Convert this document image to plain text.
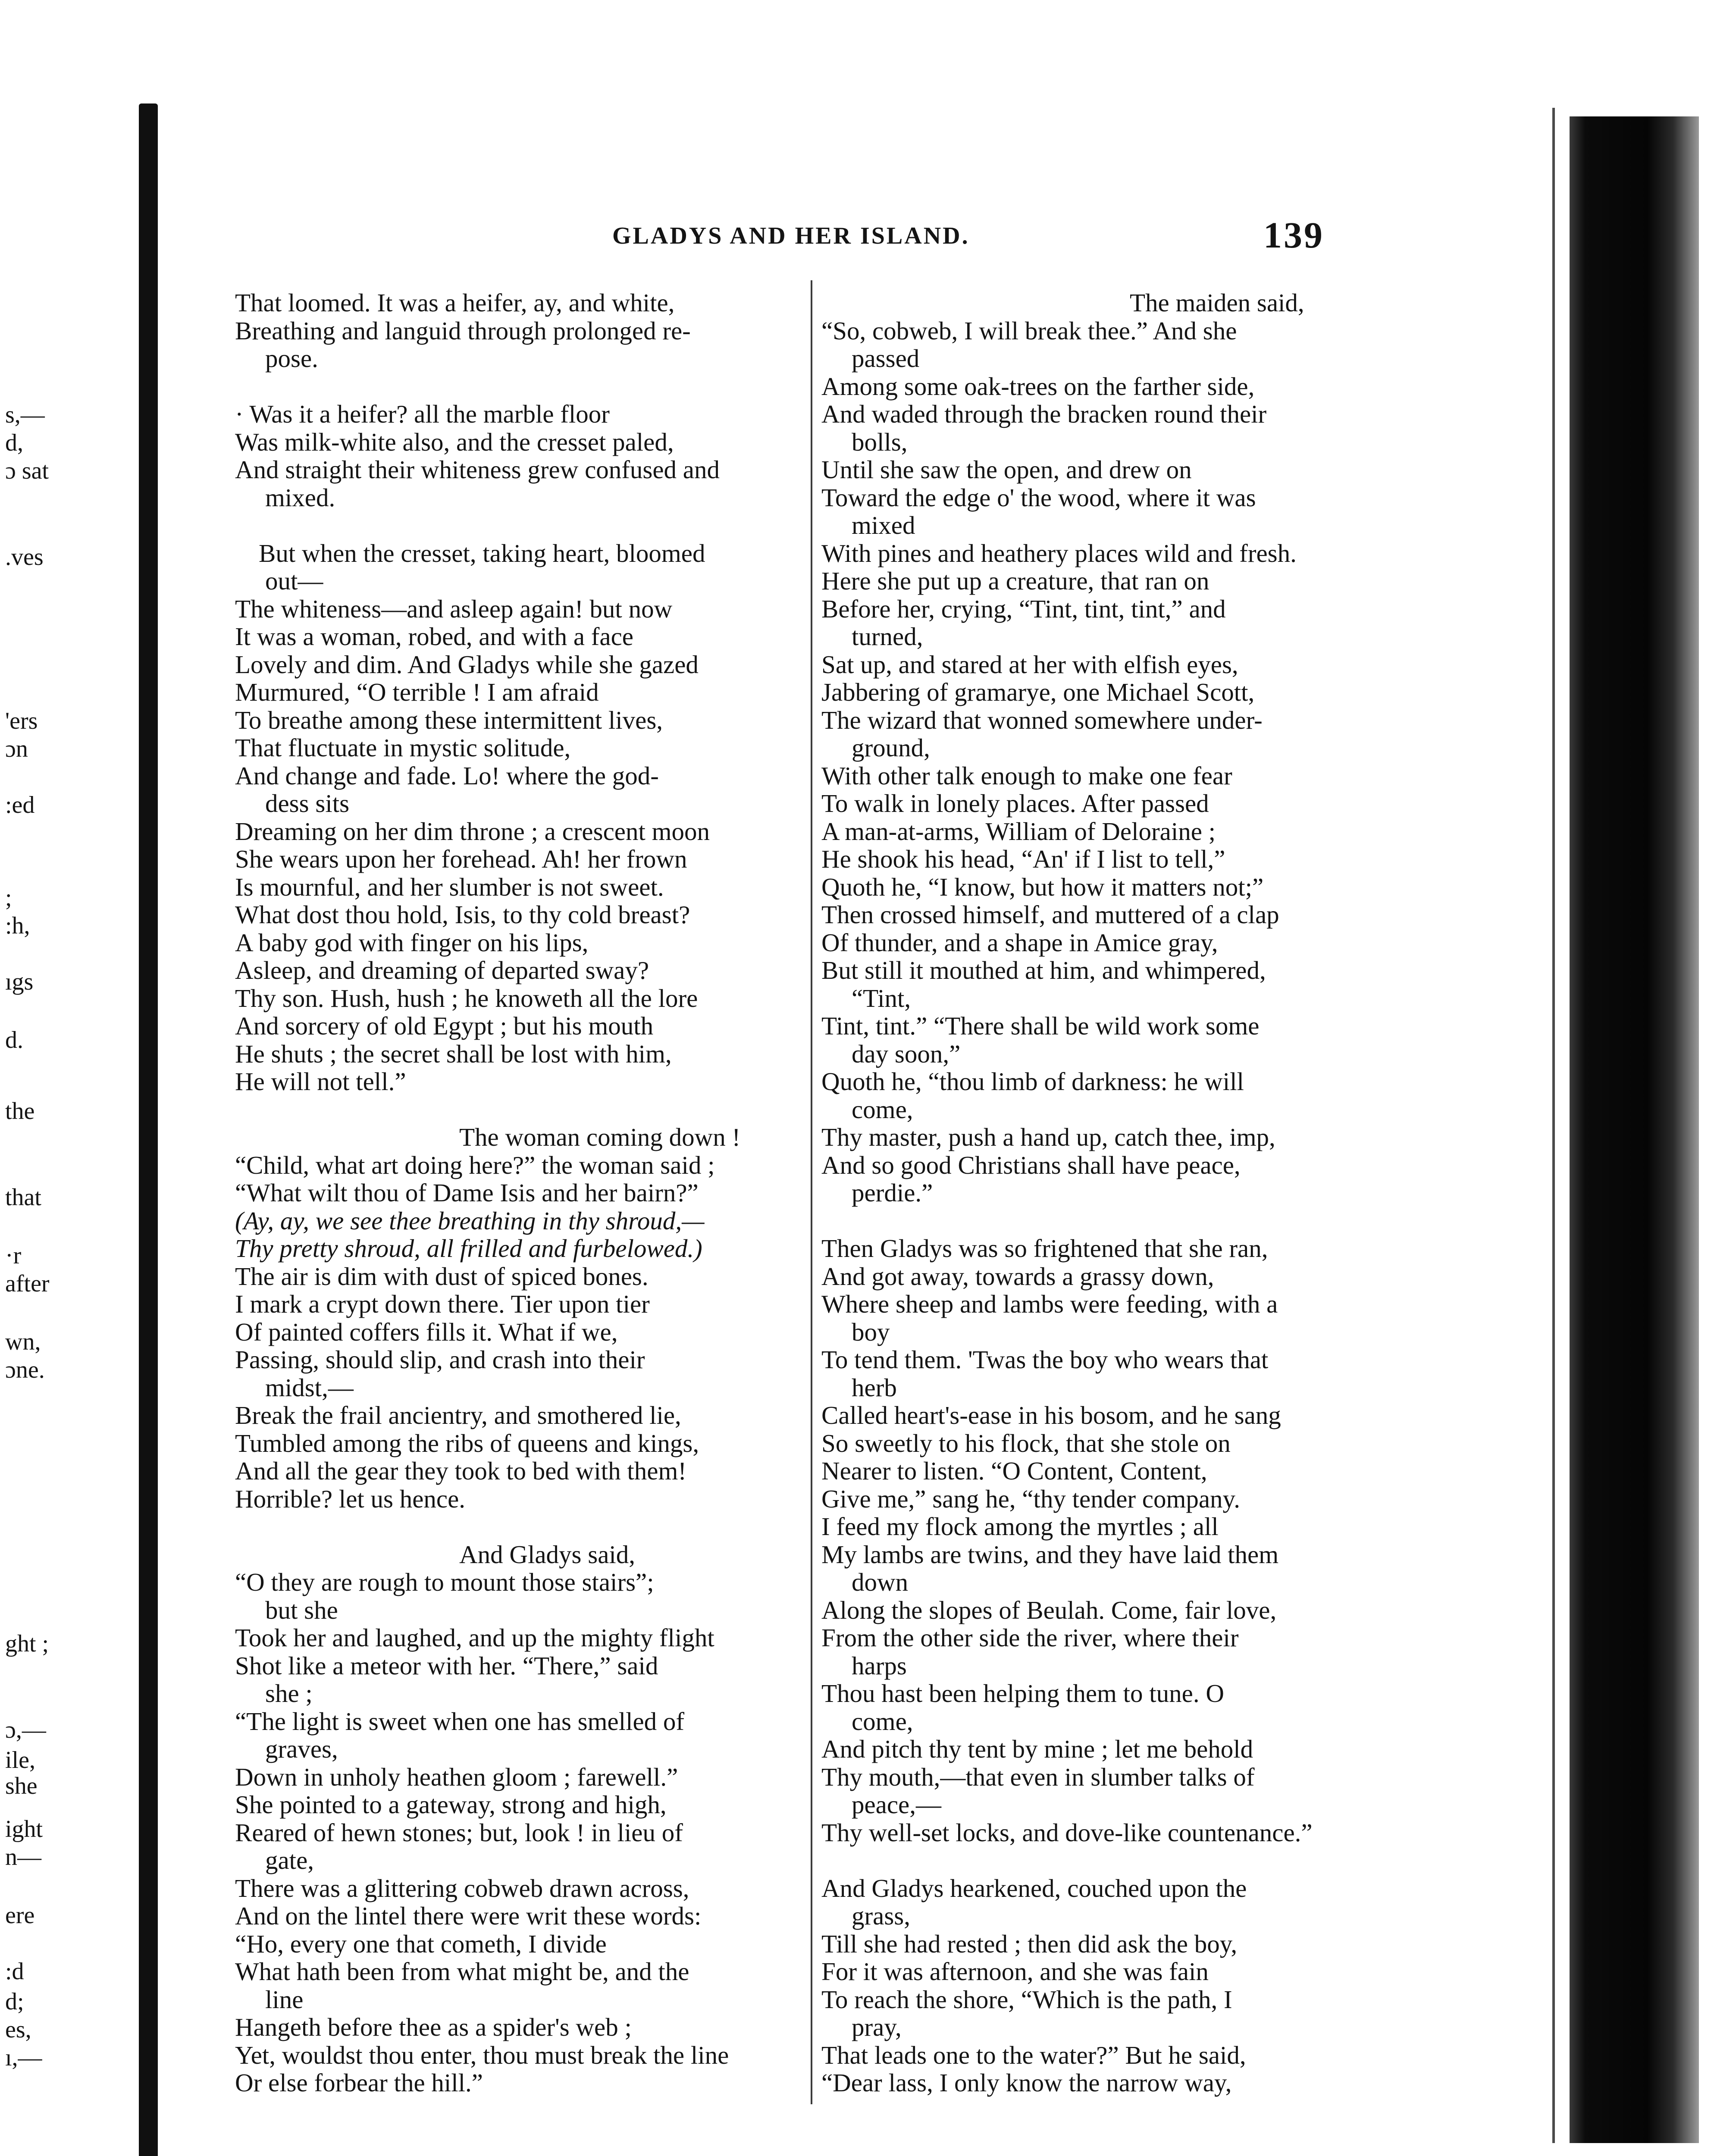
s,—
d,
ɔ sat
.ves
'ers
ɔn
:ed
;
:h,
ıgs
d.
the
that
·r
after
wn,
ɔne.
ght ;
ɔ,—
ile,
she
ight
n—
ere
:d
d;
es,
ı,—
GLADYS AND HER ISLAND.	139
That loomed. It was a heifer, ay, and white,
Breathing and languid through prolonged re-
pose.
· Was it a heifer? all the marble floor
Was milk-white also, and the cresset paled,
And straight their whiteness grew confused and
mixed.
But when the cresset, taking heart, bloomed
out—
The whiteness—and asleep again! but now
It was a woman, robed, and with a face
Lovely and dim. And Gladys while she gazed
Murmured, “O terrible ! I am afraid
To breathe among these intermittent lives,
That fluctuate in mystic solitude,
And change and fade. Lo! where the god-
dess sits
Dreaming on her dim throne ; a crescent moon
She wears upon her forehead. Ah! her frown
Is mournful, and her slumber is not sweet.
What dost thou hold, Isis, to thy cold breast?
A baby god with finger on his lips,
Asleep, and dreaming of departed sway?
Thy son. Hush, hush ; he knoweth all the lore
And sorcery of old Egypt ; but his mouth
He shuts ; the secret shall be lost with him,
He will not tell.”
The woman coming down !
“Child, what art doing here?” the woman said ;
“What wilt thou of Dame Isis and her bairn?”
(Ay, ay, we see thee breathing in thy shroud,—
Thy pretty shroud, all frilled and furbelowed.)
The air is dim with dust of spiced bones.
I mark a crypt down there. Tier upon tier
Of painted coffers fills it. What if we,
Passing, should slip, and crash into their
midst,—
Break the frail ancientry, and smothered lie,
Tumbled among the ribs of queens and kings,
And all the gear they took to bed with them!
Horrible? let us hence.
And Gladys said,
“O they are rough to mount those stairs”;
but she
Took her and laughed, and up the mighty flight
Shot like a meteor with her. “There,” said
she ;
“The light is sweet when one has smelled of
graves,
Down in unholy heathen gloom ; farewell.”
She pointed to a gateway, strong and high,
Reared of hewn stones; but, look ! in lieu of
gate,
There was a glittering cobweb drawn across,
And on the lintel there were writ these words:
“Ho, every one that cometh, I divide
What hath been from what might be, and the
line
Hangeth before thee as a spider's web ;
Yet, wouldst thou enter, thou must break the line
Or else forbear the hill.”
The maiden said,
“So, cobweb, I will break thee.” And she
passed
Among some oak-trees on the farther side,
And waded through the bracken round their
bolls,
Until she saw the open, and drew on
Toward the edge o' the wood, where it was
mixed
With pines and heathery places wild and fresh.
Here she put up a creature, that ran on
Before her, crying, “Tint, tint, tint,” and
turned,
Sat up, and stared at her with elfish eyes,
Jabbering of gramarye, one Michael Scott,
The wizard that wonned somewhere under-
ground,
With other talk enough to make one fear
To walk in lonely places. After passed
A man-at-arms, William of Deloraine ;
He shook his head, “An' if I list to tell,”
Quoth he, “I know, but how it matters not;”
Then crossed himself, and muttered of a clap
Of thunder, and a shape in Amice gray,
But still it mouthed at him, and whimpered,
“Tint,
Tint, tint.” “There shall be wild work some
day soon,”
Quoth he, “thou limb of darkness: he will
come,
Thy master, push a hand up, catch thee, imp,
And so good Christians shall have peace,
perdie.”
Then Gladys was so frightened that she ran,
And got away, towards a grassy down,
Where sheep and lambs were feeding, with a
boy
To tend them. 'Twas the boy who wears that
herb
Called heart's-ease in his bosom, and he sang
So sweetly to his flock, that she stole on
Nearer to listen. “O Content, Content,
Give me,” sang he, “thy tender company.
I feed my flock among the myrtles ; all
My lambs are twins, and they have laid them
down
Along the slopes of Beulah. Come, fair love,
From the other side the river, where their
harps
Thou hast been helping them to tune. O
come,
And pitch thy tent by mine ; let me behold
Thy mouth,—that even in slumber talks of
peace,—
Thy well-set locks, and dove-like countenance.”
And Gladys hearkened, couched upon the
grass,
Till she had rested ; then did ask the boy,
For it was afternoon, and she was fain
To reach the shore, “Which is the path, I
pray,
That leads one to the water?” But he said,
“Dear lass, I only know the narrow way,
